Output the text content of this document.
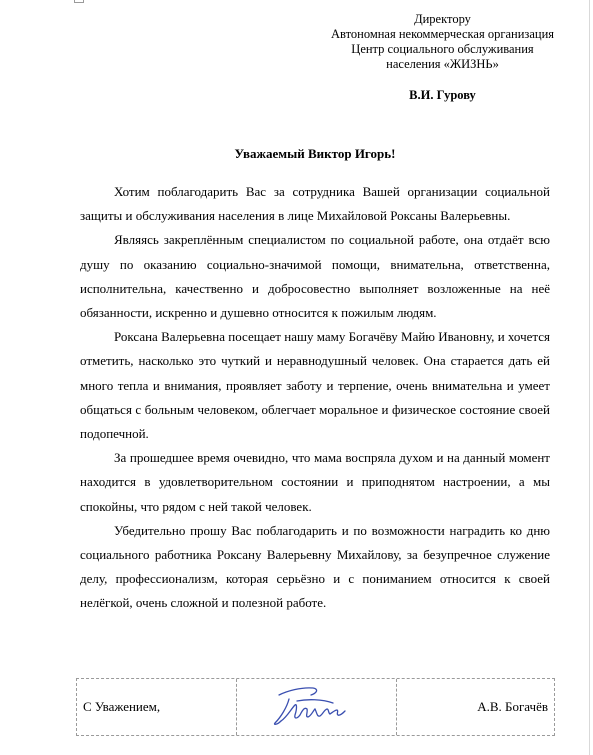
Директору
Автономная некоммерческая организация
Центр социального обслуживания
населения «ЖИЗНЬ»
В.И. Гурову
Уважаемый Виктор Игорь!

Хотим поблагодарить Вас за сотрудника Вашей организации социальной защиты и обслуживания населения в лице Михайловой Роксаны Валерьевны.

Являясь закреплённым специалистом по социальной работе, она отдаёт всю душу по оказанию социально-значимой помощи, внимательна, ответственна, исполнительна, качественно и добросовестно выполняет возложенные на неё обязанности, искренно и душевно относится к пожилым людям.

Роксана Валерьевна посещает нашу маму Богачёву Майю Ивановну, и хочется отметить, насколько это чуткий и неравнодушный человек. Она старается дать ей много тепла и внимания, проявляет заботу и терпение, очень внимательна и умеет общаться с больным человеком, облегчает моральное и физическое состояние своей подопечной.

За прошедшее время очевидно, что мама воспряла духом и на данный момент находится в удовлетворительном состоянии и приподнятом настроении, а мы спокойны, что рядом с ней такой человек.

Убедительно прошу Вас поблагодарить и по возможности наградить ко дню социального работника Роксану Валерьевну Михайлову, за безупречное служение делу, профессионализм, которая серьёзно и с пониманием относится к своей нелёгкой, очень сложной и полезной работе.

С Уважением,	А.В. Богачёв
